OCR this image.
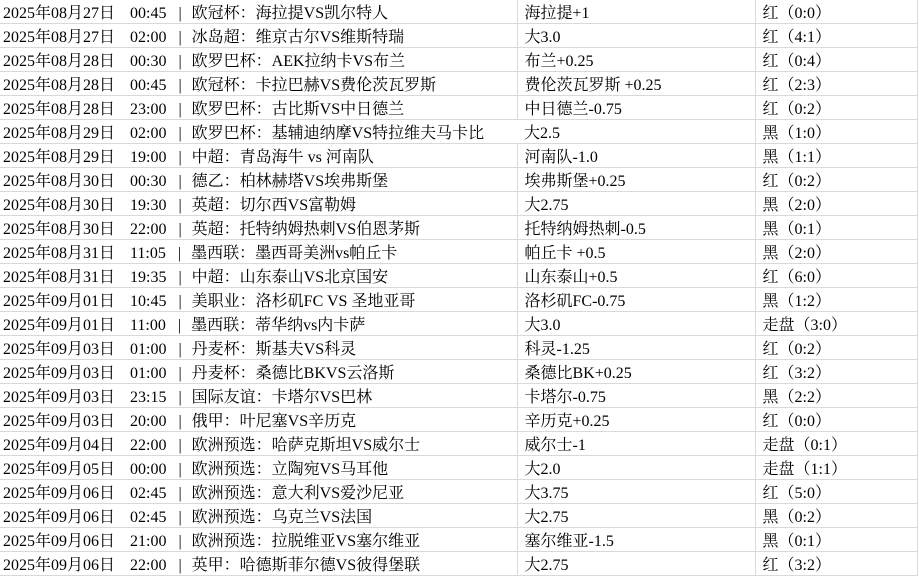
2025年08月27日 00:45 | 欧冠杯：海拉提VS凯尔特人	海拉提+1	红（0:0）
2025年08月27日 02:00 | 冰岛超：维京古尔VS维斯特瑞	大3.0	红（4:1）
2025年08月28日 00:30 | 欧罗巴杯：AEK拉纳卡VS布兰	布兰+0.25	红（0:4）
2025年08月28日 00:45 | 欧冠杯：卡拉巴赫VS费伦茨瓦罗斯	费伦茨瓦罗斯 +0.25	红（2:3）
2025年08月28日 23:00 | 欧罗巴杯：古比斯VS中日德兰	中日德兰-0.75	红（0:2）
2025年08月29日 02:00 | 欧罗巴杯：基辅迪纳摩VS特拉维夫马卡比	大2.5	黑（1:0）
2025年08月29日 19:00 | 中超：青岛海牛 vs 河南队	河南队-1.0	黑（1:1）
2025年08月30日 00:30 | 德乙：柏林赫塔VS埃弗斯堡	埃弗斯堡+0.25	红（0:2）
2025年08月30日 19:30 | 英超：切尔西VS富勒姆	大2.75	黑（2:0）
2025年08月30日 22:00 | 英超：托特纳姆热刺VS伯恩茅斯	托特纳姆热刺-0.5	黑（0:1）
2025年08月31日 11:05 | 墨西联：墨西哥美洲vs帕丘卡	帕丘卡 +0.5	黑（2:0）
2025年08月31日 19:35 | 中超：山东泰山VS北京国安	山东泰山+0.5	红（6:0）
2025年09月01日 10:45 | 美职业：洛杉矶FC VS 圣地亚哥	洛杉矶FC-0.75	黑（1:2）
2025年09月01日 11:00 | 墨西联：蒂华纳vs内卡萨	大3.0	走盘（3:0）
2025年09月03日 01:00 | 丹麦杯：斯基夫VS科灵	科灵-1.25	红（0:2）
2025年09月03日 01:00 | 丹麦杯：桑德比BKVS云洛斯	桑德比BK+0.25	红（3:2）
2025年09月03日 23:15 | 国际友谊：卡塔尔VS巴林	卡塔尔-0.75	黑（2:2）
2025年09月03日 20:00 | 俄甲：叶尼塞VS辛历克	辛历克+0.25	红（0:0）
2025年09月04日 22:00 | 欧洲预选：哈萨克斯坦VS威尔士	威尔士-1	走盘（0:1）
2025年09月05日 00:00 | 欧洲预选：立陶宛VS马耳他	大2.0	走盘（1:1）
2025年09月06日 02:45 | 欧洲预选：意大利VS爱沙尼亚	大3.75	红（5:0）
2025年09月06日 02:45 | 欧洲预选：乌克兰VS法国	大2.75	黑（0:2）
2025年09月06日 21:00 | 欧洲预选：拉脱维亚VS塞尔维亚	塞尔维亚-1.5	黑（0:1）
2025年09月06日 22:00 | 英甲：哈德斯菲尔德VS彼得堡联	大2.75	红（3:2）
